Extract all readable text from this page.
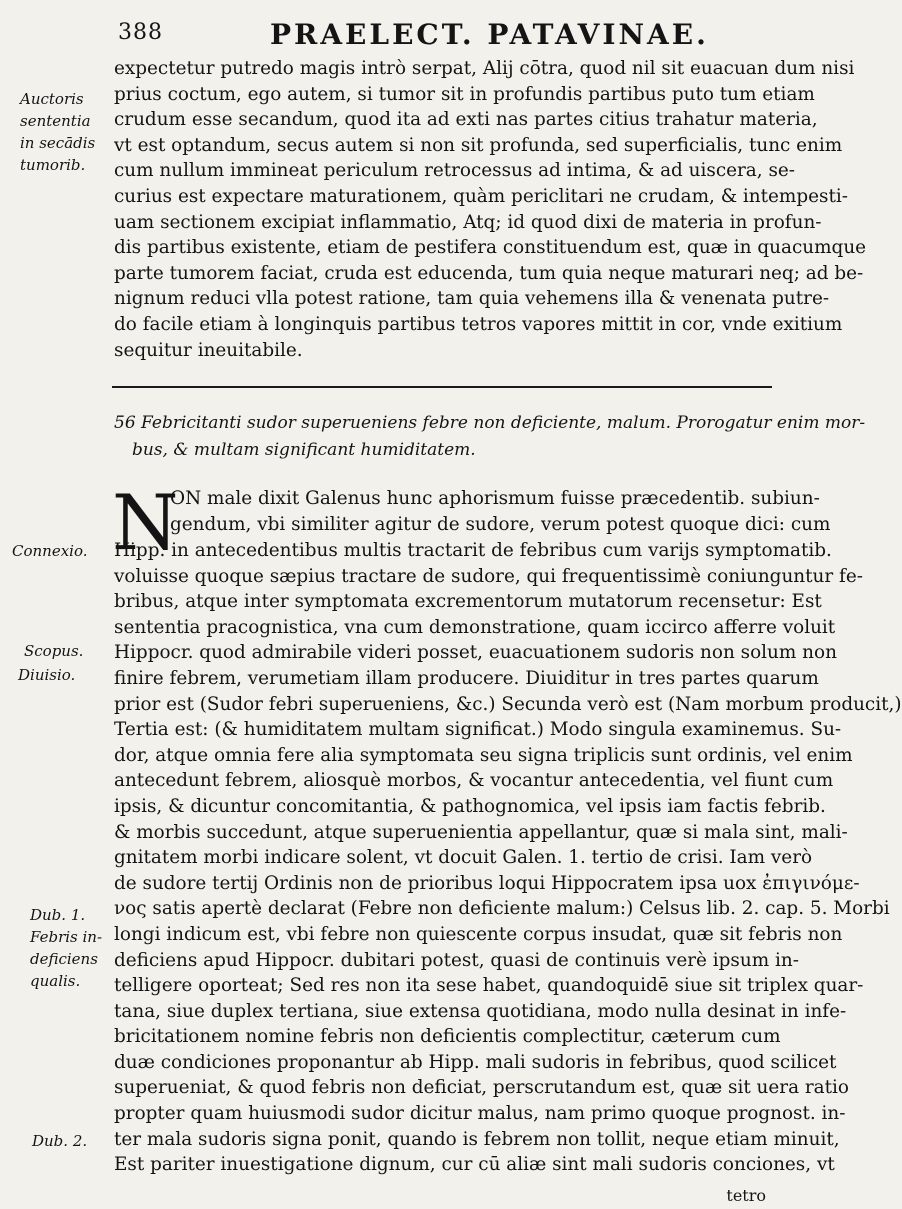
388	PRAELECT. PATAVINAE.
expectetur putredo magis intrò serpat, Alij cōtra, quod nil sit euacuan dum nisi
prius coctum, ego autem, si tumor sit in profundis partibus puto tum etiam
crudum esse secandum, quod ita ad exti nas partes citius trahatur materia,
vt est optandum, secus autem si non sit profunda, sed superficialis, tunc enim
cum nullum immineat periculum retrocessus ad intima, & ad uiscera, se-
curius est expectare maturationem, quàm periclitari ne crudam, & intempesti-
uam sectionem excipiat inflammatio, Atq; id quod dixi de materia in profun-
dis partibus existente, etiam de pestifera constituendum est, quæ in quacumque
parte tumorem faciat, cruda est educenda, tum quia neque maturari neq; ad be-
nignum reduci vlla potest ratione, tam quia vehemens illa & venenata putre-
do facile etiam à longinquis partibus tetros vapores mittit in cor, vnde exitium
sequitur ineuitabile.
56 Febricitanti sudor superueniens febre non deficiente, malum. Prorogatur enim mor-
bus, & multam significant humiditatem.
N
ON male dixit Galenus hunc aphorismum fuisse præcedentib. subiun-
gendum, vbi similiter agitur de sudore, verum potest quoque dici: cum
Hipp. in antecedentibus multis tractarit de febribus cum varijs symptomatib.
voluisse quoque sæpius tractare de sudore, qui frequentissimè coniunguntur fe-
bribus, atque inter symptomata excrementorum mutatorum recensetur: Est
sententia pracognistica, vna cum demonstratione, quam iccirco afferre voluit
Hippocr. quod admirabile videri posset, euacuationem sudoris non solum non
finire febrem, verumetiam illam producere. Diuiditur in tres partes quarum
prior est (Sudor febri superueniens, &c.) Secunda verò est (Nam morbum producit,)
Tertia est: (& humiditatem multam significat.) Modo singula examinemus. Su-
dor, atque omnia fere alia symptomata seu signa triplicis sunt ordinis, vel enim
antecedunt febrem, aliosquè morbos, & vocantur antecedentia, vel fiunt cum
ipsis, & dicuntur concomitantia, & pathognomica, vel ipsis iam factis febrib.
& morbis succedunt, atque superuenientia appellantur, quæ si mala sint, mali-
gnitatem morbi indicare solent, vt docuit Galen. 1. tertio de crisi. Iam verò
de sudore tertij Ordinis non de prioribus loqui Hippocratem ipsa uox ἐπιγινόμε-
νος satis apertè declarat (Febre non deficiente malum:) Celsus lib. 2. cap. 5. Morbi
longi indicum est, vbi febre non quiescente corpus insudat, quæ sit febris non
deficiens apud Hippocr. dubitari potest, quasi de continuis verè ipsum in-
telligere oporteat; Sed res non ita sese habet, quandoquidē siue sit triplex quar-
tana, siue duplex tertiana, siue extensa quotidiana, modo nulla desinat in infe-
bricitationem nomine febris non deficientis complectitur, cæterum cum
duæ condiciones proponantur ab Hipp. mali sudoris in febribus, quod scilicet
superueniat, & quod febris non deficiat, perscrutandum est, quæ sit uera ratio
propter quam huiusmodi sudor dicitur malus, nam primo quoque prognost. in-
ter mala sudoris signa ponit, quando is febrem non tollit, neque etiam minuit,
Est pariter inuestigatione dignum, cur cū aliæ sint mali sudoris conciones, vt
Auctoris
sententia
in secādis
tumorib.
Connexio.
Scopus.
Diuisio.
Dub. 1.
Febris in-
deficiens
qualis.
Dub. 2.
tetro
